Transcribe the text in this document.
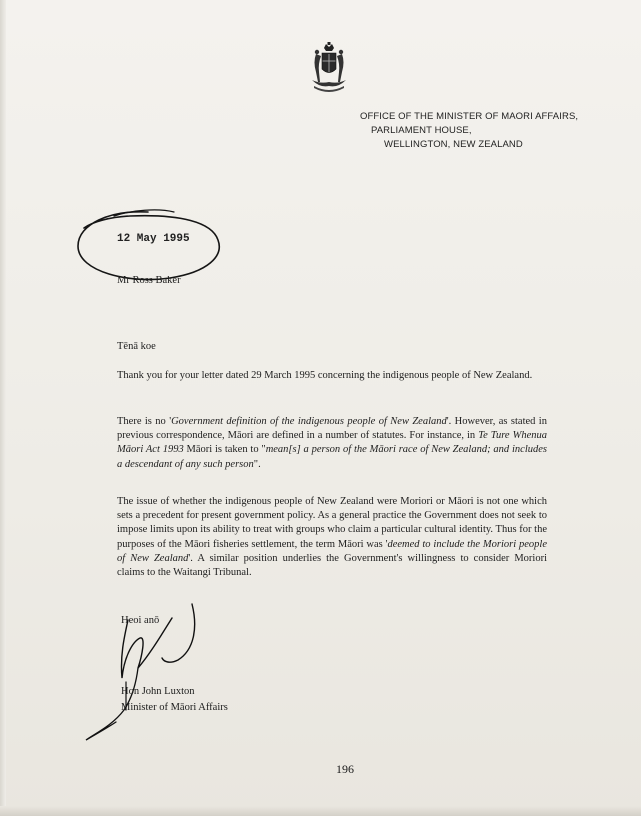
OFFICE OF THE MINISTER OF MAORI AFFAIRS,
PARLIAMENT HOUSE,
WELLINGTON, NEW ZEALAND
12 May 1995
Mr Ross Baker
Tēnā koe
Thank you for your letter dated 29 March 1995 concerning the indigenous people of New Zealand.
There is no 'Government definition of the indigenous people of New Zealand'. However, as stated in previous correspondence, Māori are defined in a number of statutes. For instance, in Te Ture Whenua Māori Act 1993 Māori is taken to "mean[s] a person of the Māori race of New Zealand; and includes a descendant of any such person".
The issue of whether the indigenous people of New Zealand were Moriori or Māori is not one which sets a precedent for present government policy. As a general practice the Government does not seek to impose limits upon its ability to treat with groups who claim a particular cultural identity. Thus for the purposes of the Māori fisheries settlement, the term Māori was 'deemed to include the Moriori people of New Zealand'. A similar position underlies the Government's willingness to consider Moriori claims to the Waitangi Tribunal.
Heoi anō
Hon John Luxton
Minister of Māori Affairs
196
